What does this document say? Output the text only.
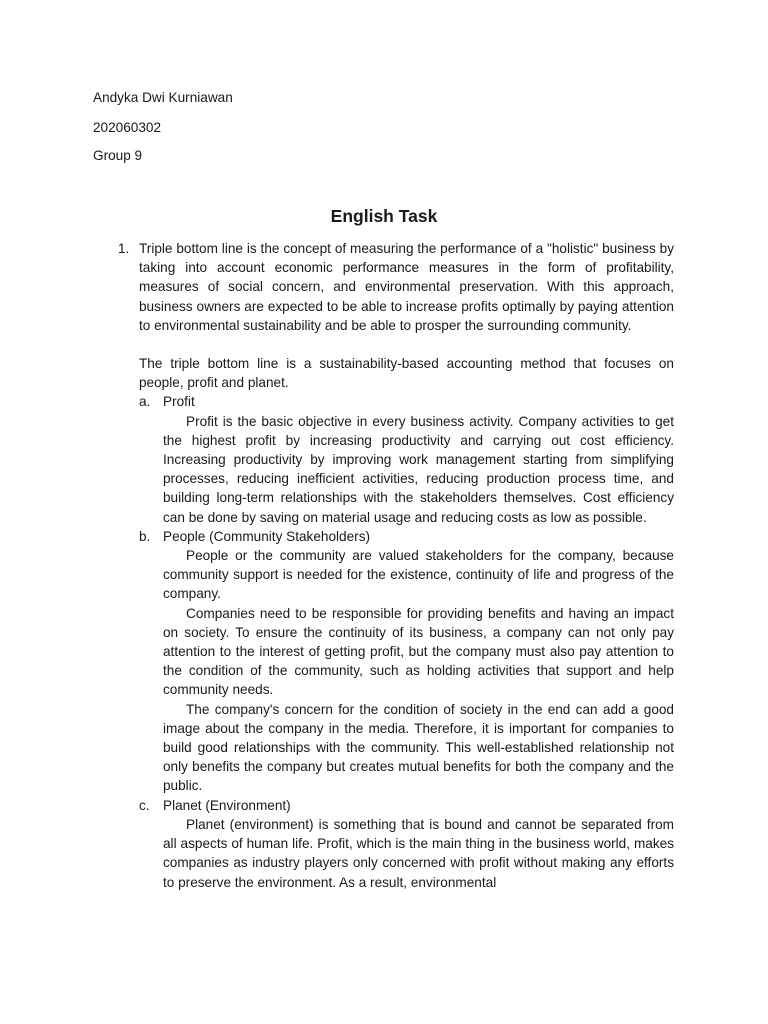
Andyka Dwi Kurniawan

202060302

Group 9

English Task
1. Triple bottom line is the concept of measuring the performance of a "holistic" business by taking into account economic performance measures in the form of profitability, measures of social concern, and environmental preservation. With this approach, business owners are expected to be able to increase profits optimally by paying attention to environmental sustainability and be able to prosper the surrounding community.

The triple bottom line is a sustainability-based accounting method that focuses on people, profit and planet.

a. Profit

Profit is the basic objective in every business activity. Company activities to get the highest profit by increasing productivity and carrying out cost efficiency. Increasing productivity by improving work management starting from simplifying processes, reducing inefficient activities, reducing production process time, and building long-term relationships with the stakeholders themselves. Cost efficiency can be done by saving on material usage and reducing costs as low as possible.

b. People (Community Stakeholders)

People or the community are valued stakeholders for the company, because community support is needed for the existence, continuity of life and progress of the company.

Companies need to be responsible for providing benefits and having an impact on society. To ensure the continuity of its business, a company can not only pay attention to the interest of getting profit, but the company must also pay attention to the condition of the community, such as holding activities that support and help community needs.

The company's concern for the condition of society in the end can add a good image about the company in the media. Therefore, it is important for companies to build good relationships with the community. This well-established relationship not only benefits the company but creates mutual benefits for both the company and the public.

c. Planet (Environment)

Planet (environment) is something that is bound and cannot be separated from all aspects of human life. Profit, which is the main thing in the business world, makes companies as industry players only concerned with profit without making any efforts to preserve the environment. As a result, environmental
